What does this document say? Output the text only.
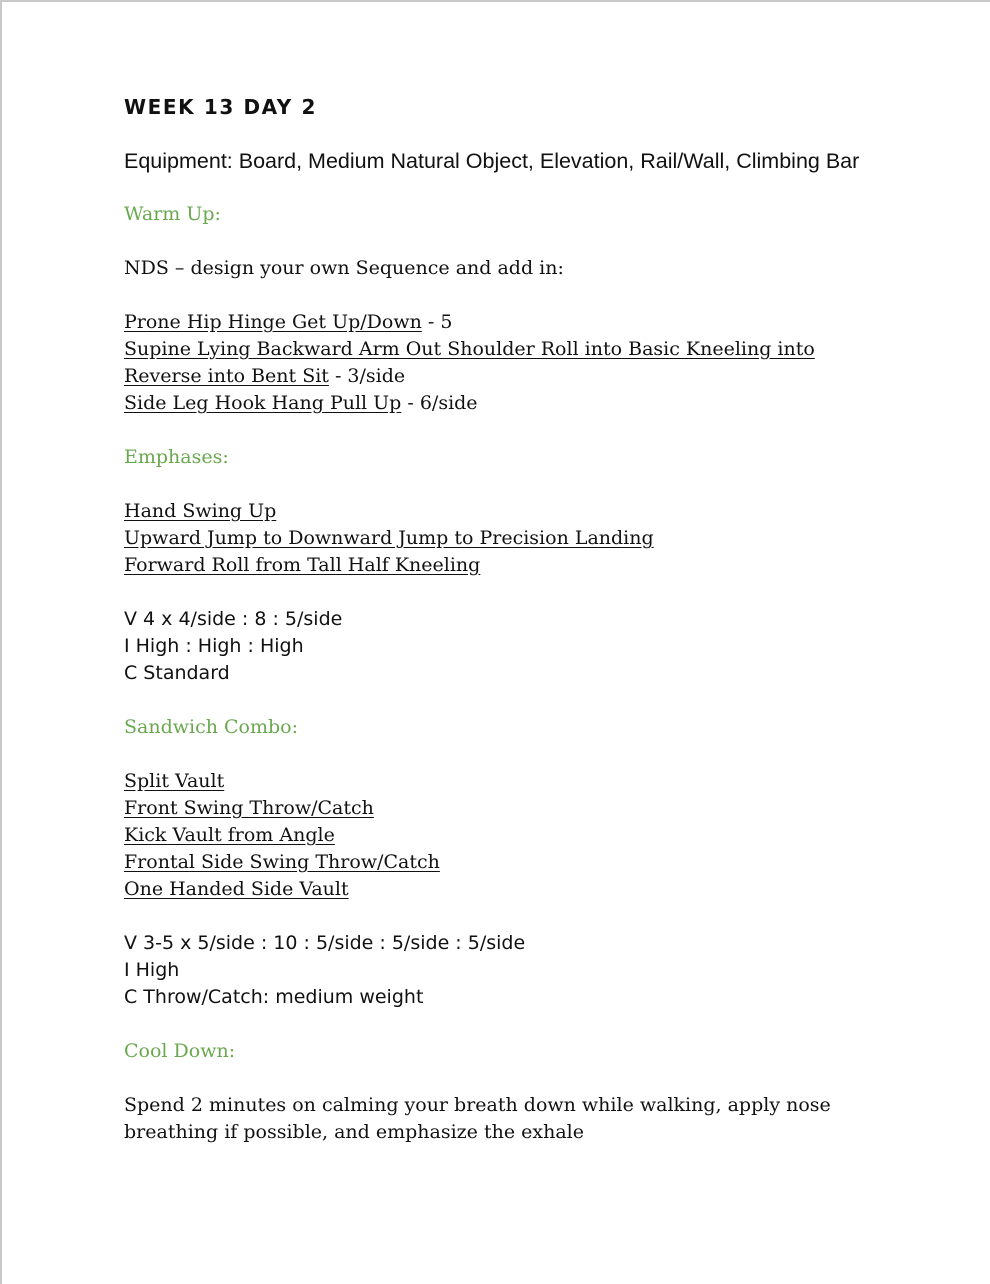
WEEK 13 DAY 2

Equipment: Board, Medium Natural Object, Elevation, Rail/Wall, Climbing Bar

Warm Up:

NDS – design your own Sequence and add in:

Prone Hip Hinge Get Up/Down - 5

Supine Lying Backward Arm Out Shoulder Roll into Basic Kneeling into Reverse into Bent Sit - 3/side

Side Leg Hook Hang Pull Up - 6/side

Emphases:

Hand Swing Up

Upward Jump to Downward Jump to Precision Landing

Forward Roll from Tall Half Kneeling

V 4 x 4/side : 8 : 5/side

I High : High : High

C Standard

Sandwich Combo:

Split Vault

Front Swing Throw/Catch

Kick Vault from Angle

Frontal Side Swing Throw/Catch

One Handed Side Vault

V 3-5 x 5/side : 10 : 5/side : 5/side : 5/side

I High

C Throw/Catch: medium weight

Cool Down:

Spend 2 minutes on calming your breath down while walking, apply nose breathing if possible, and emphasize the exhale
